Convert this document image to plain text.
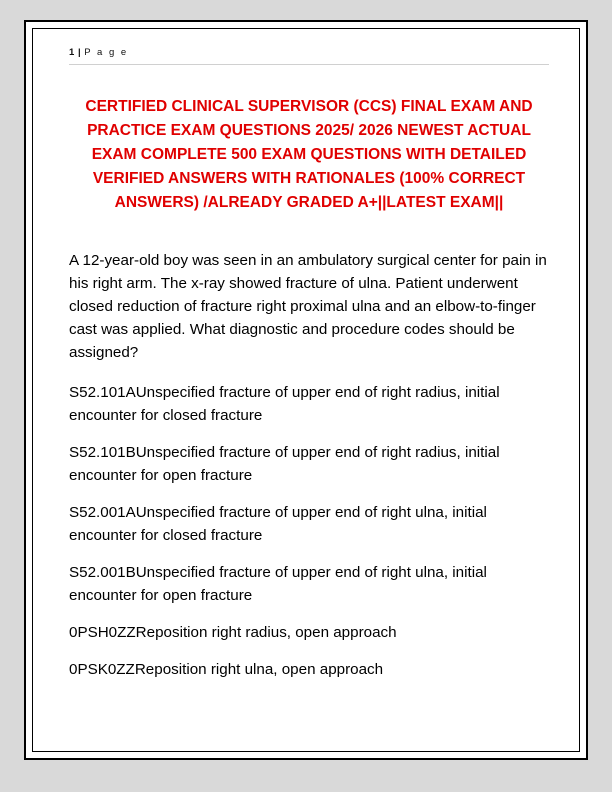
1 | P a g e
CERTIFIED CLINICAL SUPERVISOR (CCS) FINAL EXAM AND PRACTICE EXAM QUESTIONS 2025/ 2026 NEWEST ACTUAL EXAM COMPLETE 500 EXAM QUESTIONS WITH DETAILED VERIFIED ANSWERS WITH RATIONALES (100% CORRECT ANSWERS) /ALREADY GRADED A+||LATEST EXAM||
A 12-year-old boy was seen in an ambulatory surgical center for pain in his right arm. The x-ray showed fracture of ulna. Patient underwent closed reduction of fracture right proximal ulna and an elbow-to-finger cast was applied. What diagnostic and procedure codes should be assigned?
S52.101AUnspecified fracture of upper end of right radius, initial encounter for closed fracture
S52.101BUnspecified fracture of upper end of right radius, initial encounter for open fracture
S52.001AUnspecified fracture of upper end of right ulna, initial encounter for closed fracture
S52.001BUnspecified fracture of upper end of right ulna, initial encounter for open fracture
0PSH0ZZReposition right radius, open approach
0PSK0ZZReposition right ulna, open approach
